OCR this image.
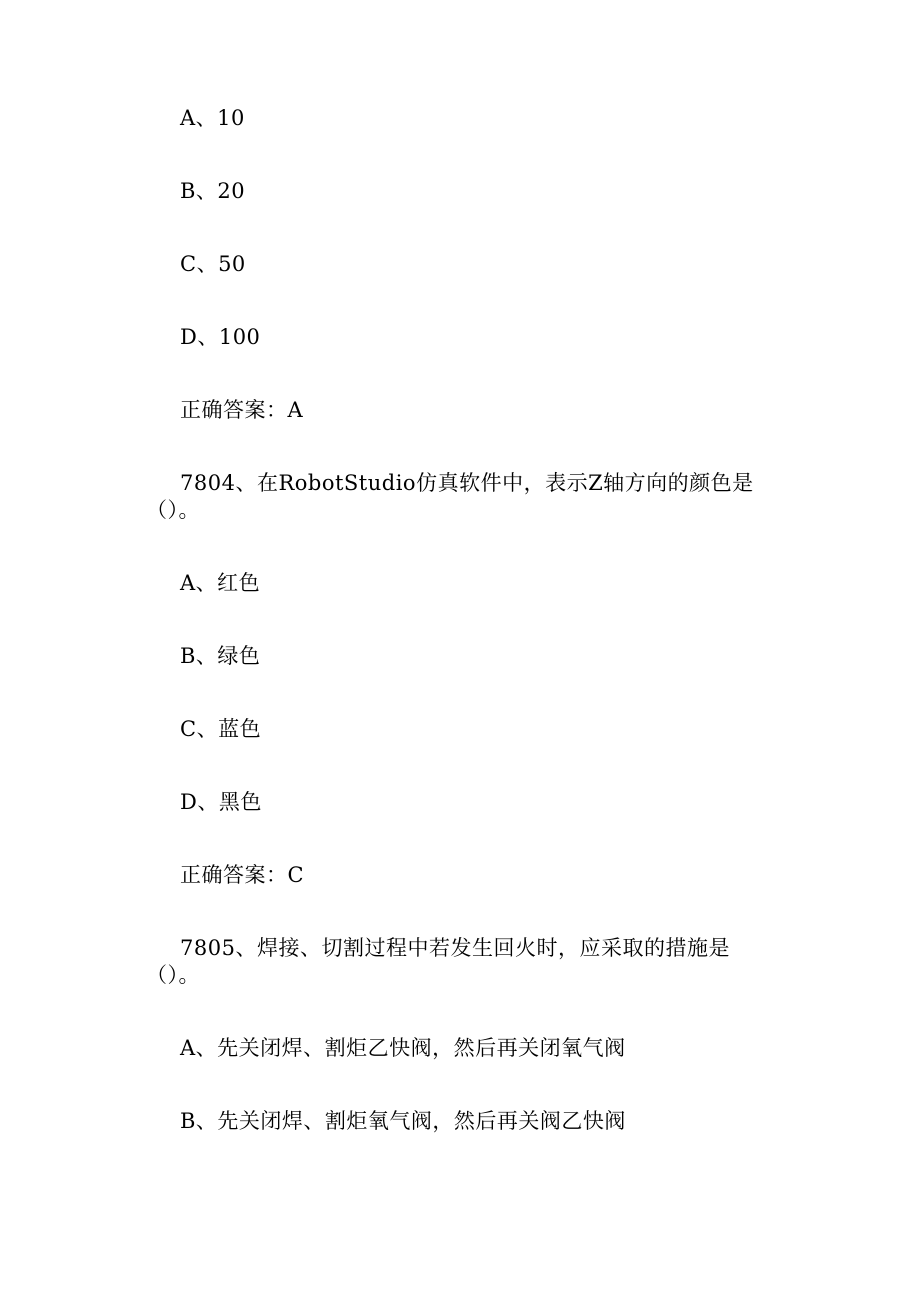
A、10
B、20
C、50
D、100
正确答案：A
7804、在RobotStudio仿真软件中，表示Z轴方向的颜色是
（）。
A、红色
B、绿色
C、蓝色
D、黑色
正确答案：C
7805、焊接、切割过程中若发生回火时，应采取的措施是
（）。
A、先关闭焊、割炬乙快阀，然后再关闭氧气阀
B、先关闭焊、割炬氧气阀，然后再关阀乙快阀
